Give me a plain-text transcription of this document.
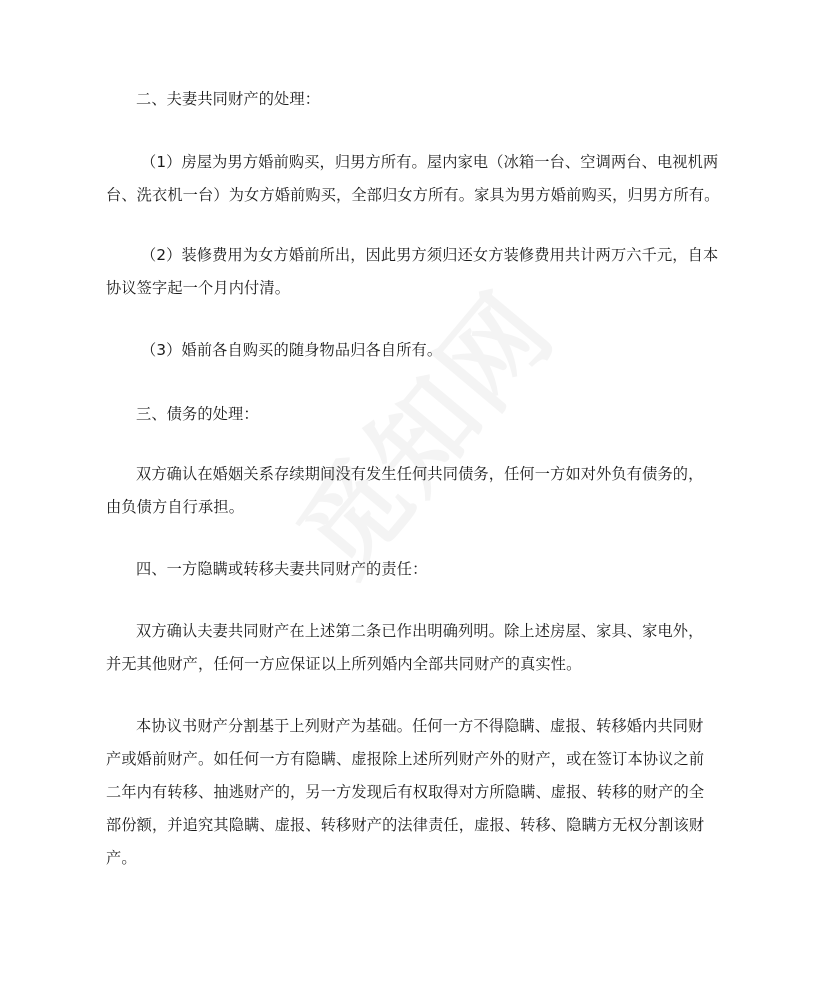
二、夫妻共同财产的处理：
（1）房屋为男方婚前购买，归男方所有。屋内家电（冰箱一台、空调两台、电视机两
台、洗衣机一台）为女方婚前购买，全部归女方所有。家具为男方婚前购买，归男方所有。
（2）装修费用为女方婚前所出，因此男方须归还女方装修费用共计两万六千元，自本
协议签字起一个月内付清。
（3）婚前各自购买的随身物品归各自所有。
三、债务的处理：
双方确认在婚姻关系存续期间没有发生任何共同债务，任何一方如对外负有债务的，
由负债方自行承担。
四、一方隐瞒或转移夫妻共同财产的责任：
双方确认夫妻共同财产在上述第二条已作出明确列明。除上述房屋、家具、家电外，
并无其他财产，任何一方应保证以上所列婚内全部共同财产的真实性。
本协议书财产分割基于上列财产为基础。任何一方不得隐瞒、虚报、转移婚内共同财
产或婚前财产。如任何一方有隐瞒、虚报除上述所列财产外的财产，或在签订本协议之前
二年内有转移、抽逃财产的，另一方发现后有权取得对方所隐瞒、虚报、转移的财产的全
部份额，并追究其隐瞒、虚报、转移财产的法律责任，虚报、转移、隐瞒方无权分割该财
产。
